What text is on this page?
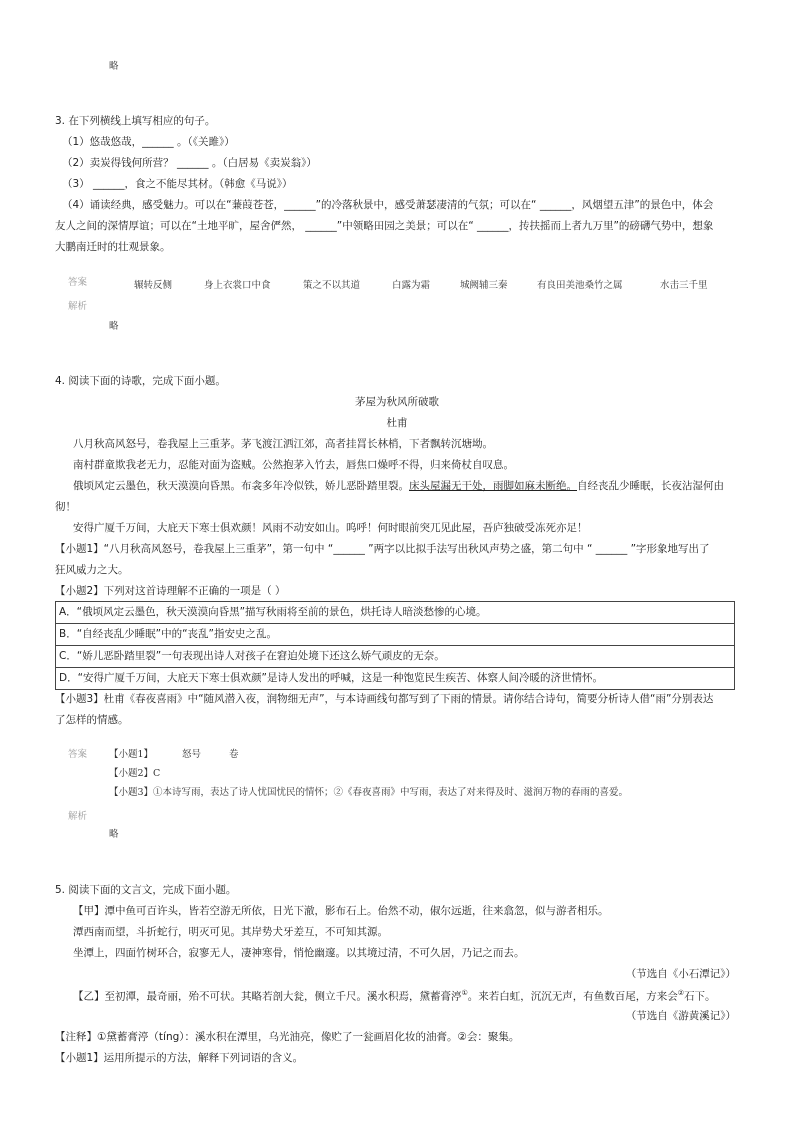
略
3. 在下列横线上填写相应的句子。
（1）悠哉悠哉，______ 。（《关雎》）
（2）卖炭得钱何所营？ ______ 。（白居易《卖炭翁》）
（3） ______，食之不能尽其材。（韩愈《马说》）
（4）诵读经典，感受魅力。可以在“蒹葭苍苍，______”的冷落秋景中，感受萧瑟凄清的气氛；可以在“ ______，风烟望五津”的景色中，体会
友人之间的深情厚谊；可以在“土地平旷，屋舍俨然， ______”中领略田园之美景；可以在“ ______，抟扶摇而上者九万里”的磅礴气势中，想象
大鹏南迁时的壮观景象。
答案	辗转反侧	身上衣裳口中食	策之不以其道	白露为霜	城阙辅三秦	有良田美池桑竹之属	水击三千里
解析
略
4. 阅读下面的诗歌，完成下面小题。
茅屋为秋风所破歌
杜甫
八月秋高风怒号，卷我屋上三重茅。茅飞渡江洒江郊，高者挂罥长林梢，下者飘转沉塘坳。
南村群童欺我老无力，忍能对面为盗贼。公然抱茅入竹去，唇焦口燥呼不得，归来倚杖自叹息。
俄顷风定云墨色，秋天漠漠向昏黑。布衾多年冷似铁，娇儿恶卧踏里裂。床头屋漏无干处，雨脚如麻未断绝。自经丧乱少睡眠，长夜沾湿何由
彻！
安得广厦千万间，大庇天下寒士俱欢颜！风雨不动安如山。呜呼！何时眼前突兀见此屋，吾庐独破受冻死亦足！
【小题1】“八月秋高风怒号，卷我屋上三重茅”，第一句中 “______ ”两字以比拟手法写出秋风声势之盛，第二句中 “ ______ ”字形象地写出了
狂风威力之大。
【小题2】下列对这首诗理解不正确的一项是（ ）
A．“俄顷风定云墨色，秋天漠漠向昏黑”描写秋雨将至前的景色，烘托诗人暗淡愁惨的心境。
B．“自经丧乱少睡眠”中的“丧乱”指安史之乱。
C．“娇儿恶卧踏里裂”一句表现出诗人对孩子在窘迫处境下还这么娇气顽皮的无奈。
D．“安得广厦千万间，大庇天下寒士俱欢颜”是诗人发出的呼喊，这是一种饱览民生疾苦、体察人间冷暖的济世情怀。
【小题3】杜甫《春夜喜雨》中“随风潜入夜，润物细无声”，与本诗画线句都写到了下雨的情景。请你结合诗句，简要分析诗人借“雨”分别表达
了怎样的情感。
答案 【小题1】	怒号	卷
【小题2】C
【小题3】①本诗写雨，表达了诗人忧国忧民的情怀；②《春夜喜雨》中写雨，表达了对来得及时、滋润万物的春雨的喜爱。
解析
略
5. 阅读下面的文言文，完成下面小题。
【甲】潭中鱼可百许头，皆若空游无所依，日光下澈，影布石上。佁然不动，俶尔远逝，往来翕忽，似与游者相乐。
潭西南而望，斗折蛇行，明灭可见。其岸势犬牙差互，不可知其源。
坐潭上，四面竹树环合，寂寥无人，凄神寒骨，悄怆幽邃。以其境过清，不可久居，乃记之而去。
（节选自《小石潭记》）
【乙】至初潭，最奇丽，殆不可状。其略若剖大瓮，侧立千尺。溪水积焉，黛蓄膏渟①。来若白虹，沉沉无声，有鱼数百尾，方来会②石下。
（节选自《游黄溪记》）
【注释】①黛蓄膏渟（tíng）：溪水积在潭里，乌光油亮，像贮了一瓮画眉化妆的油膏。②会：聚集。
【小题1】运用所提示的方法，解释下列词语的含义。
